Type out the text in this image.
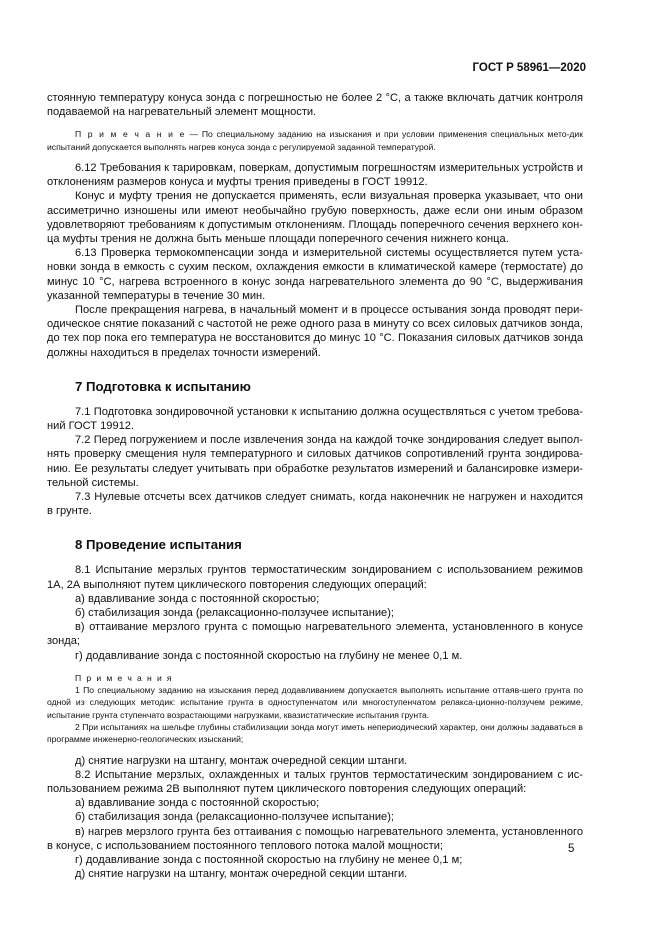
ГОСТ Р 58961—2020

стоянную температуру конуса зонда с погрешностью не более 2 °С, а также включать датчик контроля подаваемой на нагревательный элемент мощности.

П р и м е ч а н и е — По специальному заданию на изыскания и при условии применения специальных мето-дик испытаний допускается выполнять нагрев конуса зонда с регулируемой заданной температурой.

6.12 Требования к тарировкам, поверкам, допустимым погрешностям измерительных устройств и отклонениям размеров конуса и муфты трения приведены в ГОСТ 19912.

Конус и муфту трения не допускается применять, если визуальная проверка указывает, что они ассиметрично изношены или имеют необычайно грубую поверхность, даже если они иным образом удовлетворяют требованиям к допустимым отклонениям. Площадь поперечного сечения верхнего кон-ца муфты трения не должна быть меньше площади поперечного сечения нижнего конца.

6.13 Проверка термокомпенсации зонда и измерительной системы осуществляется путем уста-новки зонда в емкость с сухим песком, охлаждения емкости в климатической камере (термостате) до минус 10 °С, нагрева встроенного в конус зонда нагревательного элемента до 90 °С, выдерживания указанной температуры в течение 30 мин.

После прекращения нагрева, в начальный момент и в процессе остывания зонда проводят пери-одическое снятие показаний с частотой не реже одного раза в минуту со всех силовых датчиков зонда, до тех пор пока его температура не восстановится до минус 10 °С. Показания силовых датчиков зонда должны находиться в пределах точности измерений.

7 Подготовка к испытанию

7.1 Подготовка зондировочной установки к испытанию должна осуществляться с учетом требова-ний ГОСТ 19912.

7.2 Перед погружением и после извлечения зонда на каждой точке зондирования следует выпол-нять проверку смещения нуля температурного и силовых датчиков сопротивлений грунта зондирова-нию. Ее результаты следует учитывать при обработке результатов измерений и балансировке измери-тельной системы.

7.3 Нулевые отсчеты всех датчиков следует снимать, когда наконечник не нагружен и находится в грунте.

8 Проведение испытания

8.1 Испытание мерзлых грунтов термостатическим зондированием с использованием режимов 1А, 2А выполняют путем циклического повторения следующих операций:

а) вдавливание зонда с постоянной скоростью;

б) стабилизация зонда (релаксационно-ползучее испытание);

в) оттаивание мерзлого грунта с помощью нагревательного элемента, установленного в конусе зонда;

г) додавливание зонда с постоянной скоростью на глубину не менее 0,1 м.

П р и м е ч а н и я

1 По специальному заданию на изыскания перед додавливанием допускается выполнять испытание оттаяв-шего грунта по одной из следующих методик: испытание грунта в одноступенчатом или многоступенчатом релакса-ционно-ползучем режиме, испытание грунта ступенчато возрастающими нагрузками, квазистатические испытания грунта.

2 При испытаниях на шельфе глубины стабилизации зонда могут иметь непериодический характер, они должны задаваться в программе инженерно-геологических изысканий;

д) снятие нагрузки на штангу, монтаж очередной секции штанги.

8.2 Испытание мерзлых, охлажденных и талых грунтов термостатическим зондированием с ис-пользованием режима 2В выполняют путем циклического повторения следующих операций:

а) вдавливание зонда с постоянной скоростью;

б) стабилизация зонда (релаксационно-ползучее испытание);

в) нагрев мерзлого грунта без оттаивания с помощью нагревательного элемента, установленного в конусе, с использованием постоянного теплового потока малой мощности;

г) додавливание зонда с постоянной скоростью на глубину не менее 0,1 м;

д) снятие нагрузки на штангу, монтаж очередной секции штанги.

5
